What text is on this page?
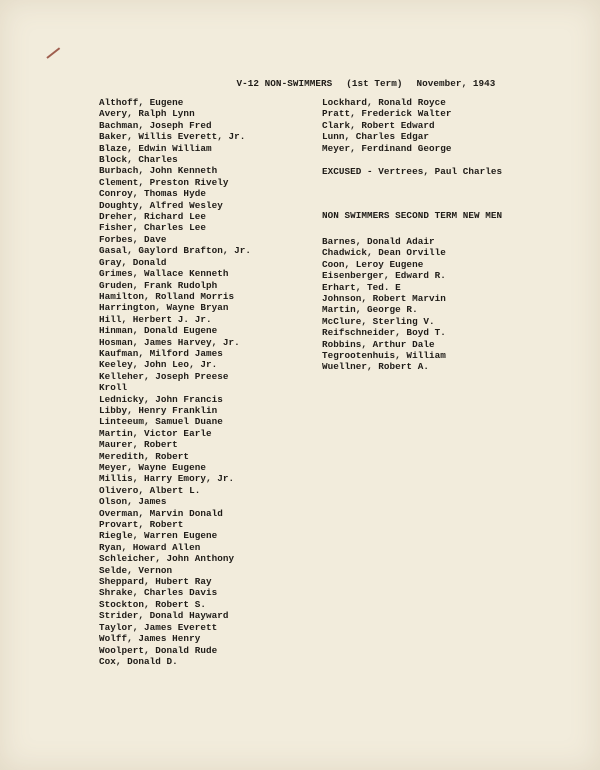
V-12 NON-SWIMMERS (1st Term) November, 1943

Althoff, Eugene
Avery, Ralph Lynn
Bachman, Joseph Fred
Baker, Willis Everett, Jr.
Blaze, Edwin William
Block, Charles
Burbach, John Kenneth
Clement, Preston Rively
Conroy, Thomas Hyde
Doughty, Alfred Wesley
Dreher, Richard Lee
Fisher, Charles Lee
Forbes, Dave
Gasal, Gaylord Brafton, Jr.
Gray, Donald
Grimes, Wallace Kenneth
Gruden, Frank Rudolph
Hamilton, Rolland Morris
Harrington, Wayne Bryan
Hill, Herbert J. Jr.
Hinman, Donald Eugene
Hosman, James Harvey, Jr.
Kaufman, Milford James
Keeley, John Leo, Jr.
Kelleher, Joseph Preese
Kroll
Lednicky, John Francis
Libby, Henry Franklin
Linteeum, Samuel Duane
Martin, Victor Earle
Maurer, Robert
Meredith, Robert
Meyer, Wayne Eugene
Millis, Harry Emory, Jr.
Olivero, Albert L.
Olson, James
Overman, Marvin Donald
Provart, Robert
Riegle, Warren Eugene
Ryan, Howard Allen
Schleicher, John Anthony
Selde, Vernon
Sheppard, Hubert Ray
Shrake, Charles Davis
Stockton, Robert S.
Strider, Donald Hayward
Taylor, James Everett
Wolff, James Henry
Woolpert, Donald Rude
Cox, Donald D.
Lockhard, Ronald Royce
Pratt, Frederick Walter
Clark, Robert Edward
Lunn, Charles Edgar
Meyer, Ferdinand George
EXCUSED - Vertrees, Paul Charles
NON SWIMMERS SECOND TERM NEW MEN
Barnes, Donald Adair
Chadwick, Dean Orville
Coon, Leroy Eugene
Eisenberger, Edward R.
Erhart, Ted. E
Johnson, Robert Marvin
Martin, George R.
McClure, Sterling V.
Reifschneider, Boyd T.
Robbins, Arthur Dale
Tegrootenhuis, William
Wuellner, Robert A.
